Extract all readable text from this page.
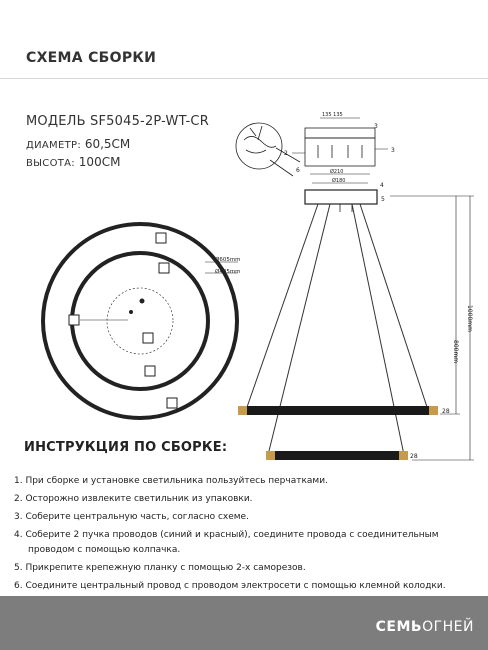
СХЕМА СБОРКИ
МОДЕЛЬ SF5045-2P-WT-CR
ДИАМЕТР: 60,5СМ
ВЫСОТА: 100СМ
Ø605mm
Ø405mm
135 135
Ø210
Ø180
3
3
2
6
5
4
28
28
800mm
1000mm
ИНСТРУКЦИЯ ПО СБОРКЕ:
1. При сборке и установке светильника пользуйтесь перчатками.
2. Осторожно извлеките светильник из упаковки.
3. Соберите центральную часть, согласно схеме.
4. Соберите 2 пучка проводов (синий и красный), соедините провода с соединительным
проводом с помощью колпачка.
5. Прикрепите крепежную планку с помощью 2-х саморезов.
6. Соедините центральный провод с проводом электросети с помощью клемной колодки.
СЕМЬОГНЕЙ
